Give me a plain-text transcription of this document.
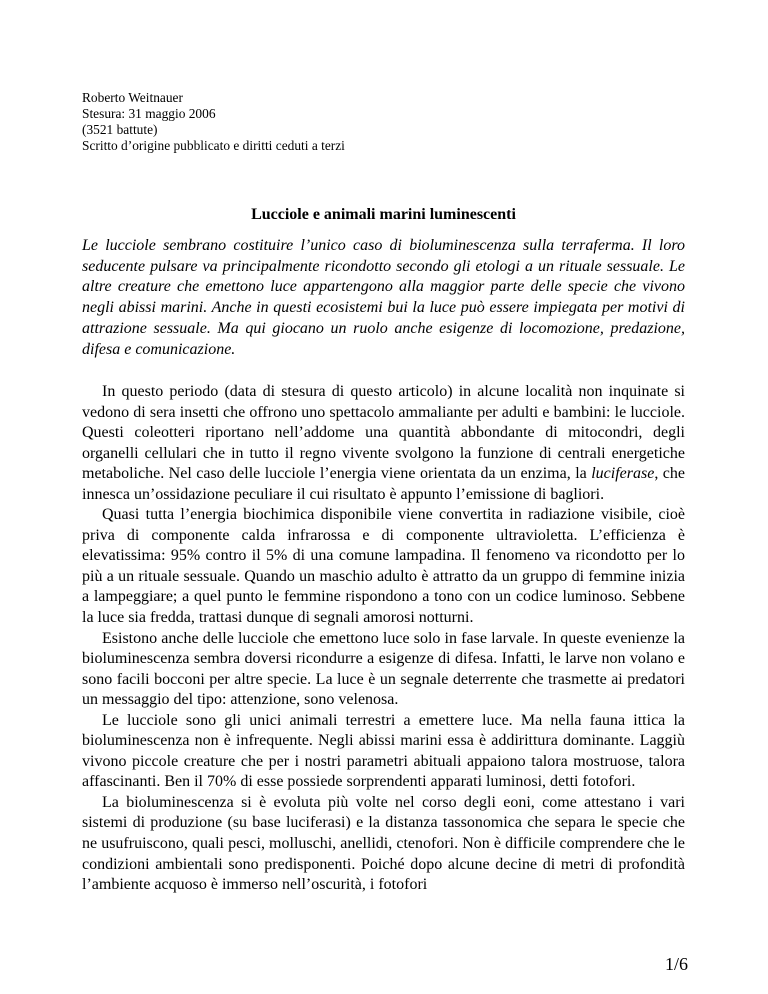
Roberto Weitnauer
Stesura: 31 maggio 2006
(3521 battute)
Scritto d’origine pubblicato e diritti ceduti a terzi
Lucciole e animali marini luminescenti

Le lucciole sembrano costituire l’unico caso di bioluminescenza sulla terraferma. Il loro seducente pulsare va principalmente ricondotto secondo gli etologi a un rituale sessuale. Le altre creature che emettono luce appartengono alla maggior parte delle specie che vivono negli abissi marini. Anche in questi ecosistemi bui la luce può essere impiegata per motivi di attrazione sessuale. Ma qui giocano un ruolo anche esigenze di locomozione, predazione, difesa e comunicazione.

In questo periodo (data di stesura di questo articolo) in alcune località non inquinate si vedono di sera insetti che offrono uno spettacolo ammaliante per adulti e bambini: le lucciole. Questi coleotteri riportano nell’addome una quantità abbondante di mitocondri, degli organelli cellulari che in tutto il regno vivente svolgono la funzione di centrali energetiche metaboliche. Nel caso delle lucciole l’energia viene orientata da un enzima, la luciferase, che innesca un’ossidazione peculiare il cui risultato è appunto l’emissione di bagliori.

Quasi tutta l’energia biochimica disponibile viene convertita in radiazione visibile, cioè priva di componente calda infrarossa e di componente ultravioletta. L’efficienza è elevatissima: 95% contro il 5% di una comune lampadina. Il fenomeno va ricondotto per lo più a un rituale sessuale. Quando un maschio adulto è attratto da un gruppo di femmine inizia a lampeggiare; a quel punto le femmine rispondono a tono con un codice luminoso. Sebbene la luce sia fredda, trattasi dunque di segnali amorosi notturni.

Esistono anche delle lucciole che emettono luce solo in fase larvale. In queste evenienze la bioluminescenza sembra doversi ricondurre a esigenze di difesa. Infatti, le larve non volano e sono facili bocconi per altre specie. La luce è un segnale deterrente che trasmette ai predatori un messaggio del tipo: attenzione, sono velenosa.

Le lucciole sono gli unici animali terrestri a emettere luce. Ma nella fauna ittica la bioluminescenza non è infrequente. Negli abissi marini essa è addirittura dominante. Laggiù vivono piccole creature che per i nostri parametri abituali appaiono talora mostruose, talora affascinanti. Ben il 70% di esse possiede sorprendenti apparati luminosi, detti fotofori.

La bioluminescenza si è evoluta più volte nel corso degli eoni, come attestano i vari sistemi di produzione (su base luciferasi) e la distanza tassonomica che separa le specie che ne usufruiscono, quali pesci, molluschi, anellidi, ctenofori. Non è difficile comprendere che le condizioni ambientali sono predisponenti. Poiché dopo alcune decine di metri di profondità l’ambiente acquoso è immerso nell’oscurità, i fotofori

1/6
